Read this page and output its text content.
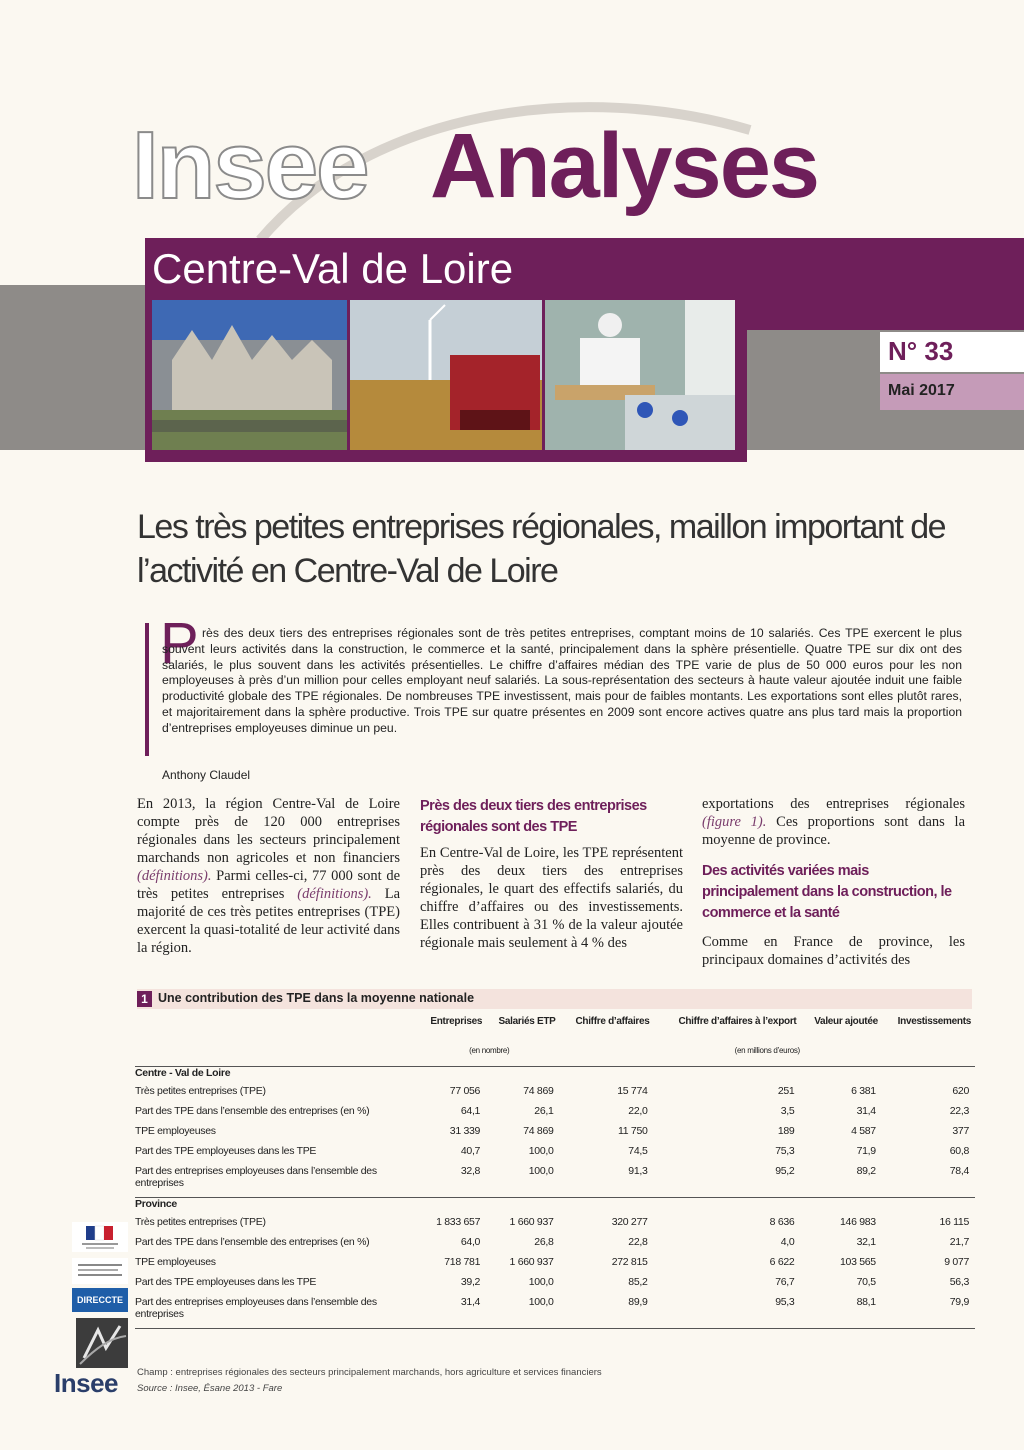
Insee Analyses
Centre-Val de Loire
N° 33
Mai 2017
Les très petites entreprises régionales, maillon important de
l’activité en Centre-Val de Loire
P rès des deux tiers des entreprises régionales sont de très petites entreprises, comptant moins de 10 salariés. Ces TPE exercent le plus souvent leurs activités dans la construction, le commerce et la santé, principalement dans la sphère présentielle. Quatre TPE sur dix ont des salariés, le plus souvent dans les activités présentielles. Le chiffre d’affaires médian des TPE varie de plus de 50 000 euros pour les non employeuses à près d’un million pour celles employant neuf salariés. La sous-représentation des secteurs à haute valeur ajoutée induit une faible productivité globale des TPE régionales. De nombreuses TPE investissent, mais pour de faibles montants. Les exportations sont elles plutôt rares, et majoritairement dans la sphère productive. Trois TPE sur quatre présentes en 2009 sont encore actives quatre ans plus tard mais la proportion d’entreprises employeuses diminue un peu.
Anthony Claudel
En 2013, la région Centre-Val de Loire compte près de 120 000 entreprises régionales dans les secteurs principalement marchands non agricoles et non financiers (définitions). Parmi celles-ci, 77 000 sont de très petites entreprises (définitions). La majorité de ces très petites entreprises (TPE) exercent la quasi-totalité de leur activité dans la région.
Près des deux tiers des entreprises régionales sont des TPE
En Centre-Val de Loire, les TPE représentent près des deux tiers des entreprises régionales, le quart des effectifs salariés, du chiffre d’affaires ou des investissements. Elles contribuent à 31 % de la valeur ajoutée régionale mais seulement à 4 % des
exportations des entreprises régionales (figure 1). Ces proportions sont dans la moyenne de province.
Des activités variées mais principalement dans la construction, le commerce et la santé
Comme en France de province, les principaux domaines d’activités des
1 Une contribution des TPE dans la moyenne nationale
	Entreprises	Salariés ETP	Chiffre d’affaires	Chiffre d’affaires à l’export	Valeur ajoutée	Investissements
	(en nombre)		(en millions d’euros)			
Centre - Val de Loire						
Très petites entreprises (TPE)	77 056	74 869	15 774	251	6 381	620
Part des TPE dans l’ensemble des entreprises (en %)	64,1	26,1	22,0	3,5	31,4	22,3
TPE employeuses	31 339	74 869	11 750	189	4 587	377
Part des TPE employeuses dans les TPE	40,7	100,0	74,5	75,3	71,9	60,8
Part des entreprises employeuses dans l’ensemble des entreprises	32,8	100,0	91,3	95,2	89,2	78,4
Province						
Très petites entreprises (TPE)	1 833 657	1 660 937	320 277	8 636	146 983	16 115
Part des TPE dans l’ensemble des entreprises (en %)	64,0	26,8	22,8	4,0	32,1	21,7
TPE employeuses	718 781	1 660 937	272 815	6 622	103 565	9 077
Part des TPE employeuses dans les TPE	39,2	100,0	85,2	76,7	70,5	56,3
Part des entreprises employeuses dans l’ensemble des entreprises	31,4	100,0	89,9	95,3	88,1	79,9
Champ : entreprises régionales des secteurs principalement marchands, hors agriculture et services financiers
Source : Insee, Ésane 2013 - Fare
DIRECCTE
Insee
